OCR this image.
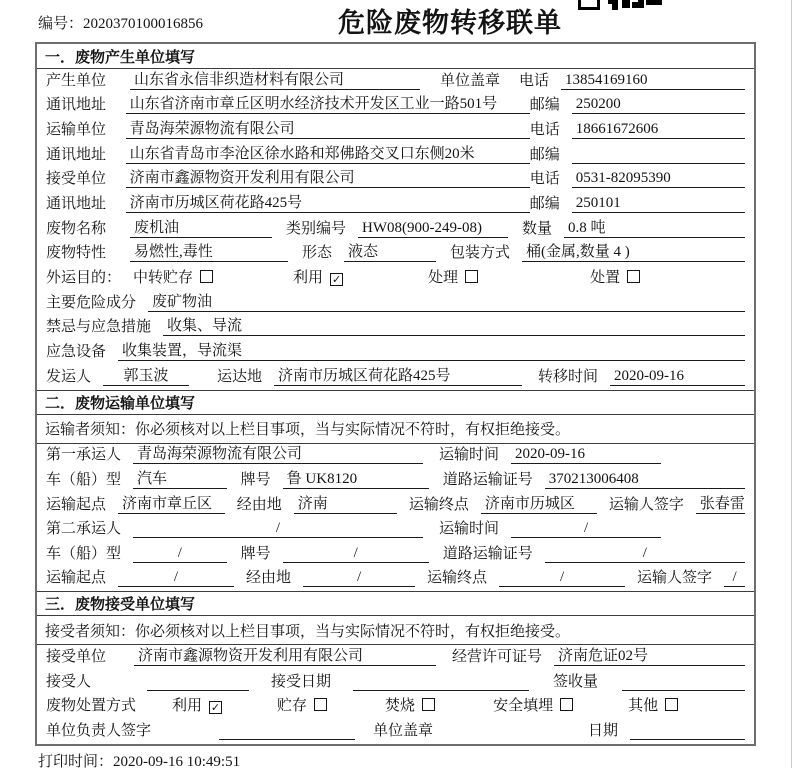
编号：2020370100016856	危险废物转移联单
一．废物产生单位填写
产生单位	山东省永信非织造材料有限公司	单位盖章 电话 13854169160
通讯地址	山东省济南市章丘区明水经济技术开发区工业一路501号	邮编 250200
运输单位	青岛海荣源物流有限公司	电话 18661672606
通讯地址	山东省青岛市李沧区徐水路和郑佛路交叉口东侧20米	邮编
接受单位	济南市鑫源物资开发利用有限公司	电话 0531-82095390
通讯地址	济南市历城区荷花路425号	邮编 250101
废物名称	废机油	类别编号 HW08(900-249-08)	数量 0.8 吨
废物特性	易燃性,毒性	形态 液态	包装方式 桶(金属,数量 4 )
外运目的： 中转贮存	利用 ✓	处理	处置
主要危险成分 废矿物油
禁忌与应急措施 收集、导流
应急设备 收集装置，导流渠
发运人	郭玉波	运达地 济南市历城区荷花路425号	转移时间 2020-09-16
二．废物运输单位填写
运输者须知：你必须核对以上栏目事项，当与实际情况不符时，有权拒绝接受。
第一承运人 青岛海荣源物流有限公司	运输时间 2020-09-16
车（船）型 汽车	牌号 鲁 UK8120	道路运输证号 370213006408
运输起点 济南市章丘区	经由地 济南	运输终点 济南市历城区	运输人签字 张春雷
第二承运人	/	运输时间	/
车（船）型	/	牌号	/	道路运输证号	/
运输起点	/	经由地	/	运输终点	/	运输人签字	/
三．废物接受单位填写
接受者须知：你必须核对以上栏目事项，当与实际情况不符时，有权拒绝接受。
接受单位 济南市鑫源物资开发利用有限公司	经营许可证号 济南危证02号
接受人	接受日期	签收量
废物处置方式 利用 ✓	贮存	焚烧	安全填埋	其他
单位负责人签字	单位盖章	日期
打印时间：2020-09-16 10:49:51
